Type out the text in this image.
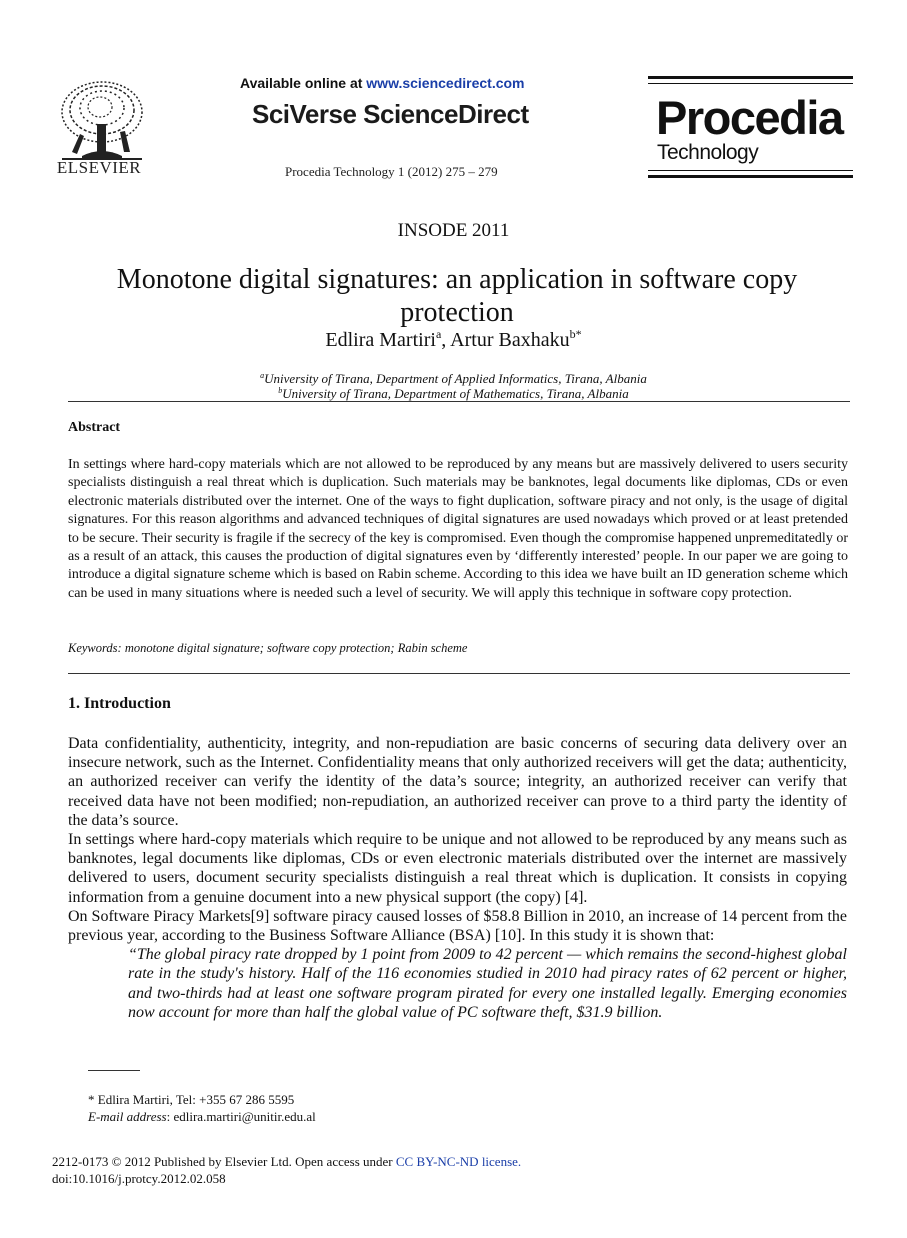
ELSEVIER
Available online at www.sciencedirect.com
SciVerse ScienceDirect
Procedia Technology 1 (2012) 275 – 279
Procedia
Technology
INSODE 2011
Monotone digital signatures: an application in software copy protection
Edlira Martiri$^a$, Artur Baxhaku$^{b*}$
$^a$University of Tirana, Department of Applied Informatics, Tirana, Albania
$^b$University of Tirana, Department of Mathematics, Tirana, Albania
Abstract
In settings where hard-copy materials which are not allowed to be reproduced by any means but are massively delivered to users security specialists distinguish a real threat which is duplication. Such materials may be banknotes, legal documents like diplomas, CDs or even electronic materials distributed over the internet. One of the ways to fight duplication, software piracy and not only, is the usage of digital signatures. For this reason algorithms and advanced techniques of digital signatures are used nowadays which proved or at least pretended to be secure. Their security is fragile if the secrecy of the key is compromised. Even though the compromise happened unpremeditatedly or as a result of an attack, this causes the production of digital signatures even by ‘differently interested’ people. In our paper we are going to introduce a digital signature scheme which is based on Rabin scheme. According to this idea we have built an ID generation scheme which can be used in many situations where is needed such a level of security. We will apply this technique in software copy protection.
Keywords: monotone digital signature; software copy protection; Rabin scheme
1. Introduction

Data confidentiality, authenticity, integrity, and non-repudiation are basic concerns of securing data delivery over an insecure network, such as the Internet. Confidentiality means that only authorized receivers will get the data; authenticity, an authorized receiver can verify the identity of the data’s source; integrity, an authorized receiver can verify that received data have not been modified; non-repudiation, an authorized receiver can prove to a third party the identity of the data’s source.

In settings where hard-copy materials which require to be unique and not allowed to be reproduced by any means such as banknotes, legal documents like diplomas, CDs or even electronic materials distributed over the internet are massively delivered to users, document security specialists distinguish a real threat which is duplication. It consists in copying information from a genuine document into a new physical support (the copy) [4].

On Software Piracy Markets[9] software piracy caused losses of $58.8 Billion in 2010, an increase of 14 percent from the previous year, according to the Business Software Alliance (BSA) [10]. In this study it is shown that:

“The global piracy rate dropped by 1 point from 2009 to 42 percent — which remains the second-highest global rate in the study's history. Half of the 116 economies studied in 2010 had piracy rates of 62 percent or higher, and two-thirds had at least one software program pirated for every one installed legally. Emerging economies now account for more than half the global value of PC software theft, $31.9 billion.

* Edlira Martiri, Tel: +355 67 286 5595
E-mail address: edlira.martiri@unitir.edu.al
2212-0173 © 2012 Published by Elsevier Ltd. Open access under CC BY-NC-ND license.
doi:10.1016/j.protcy.2012.02.058
